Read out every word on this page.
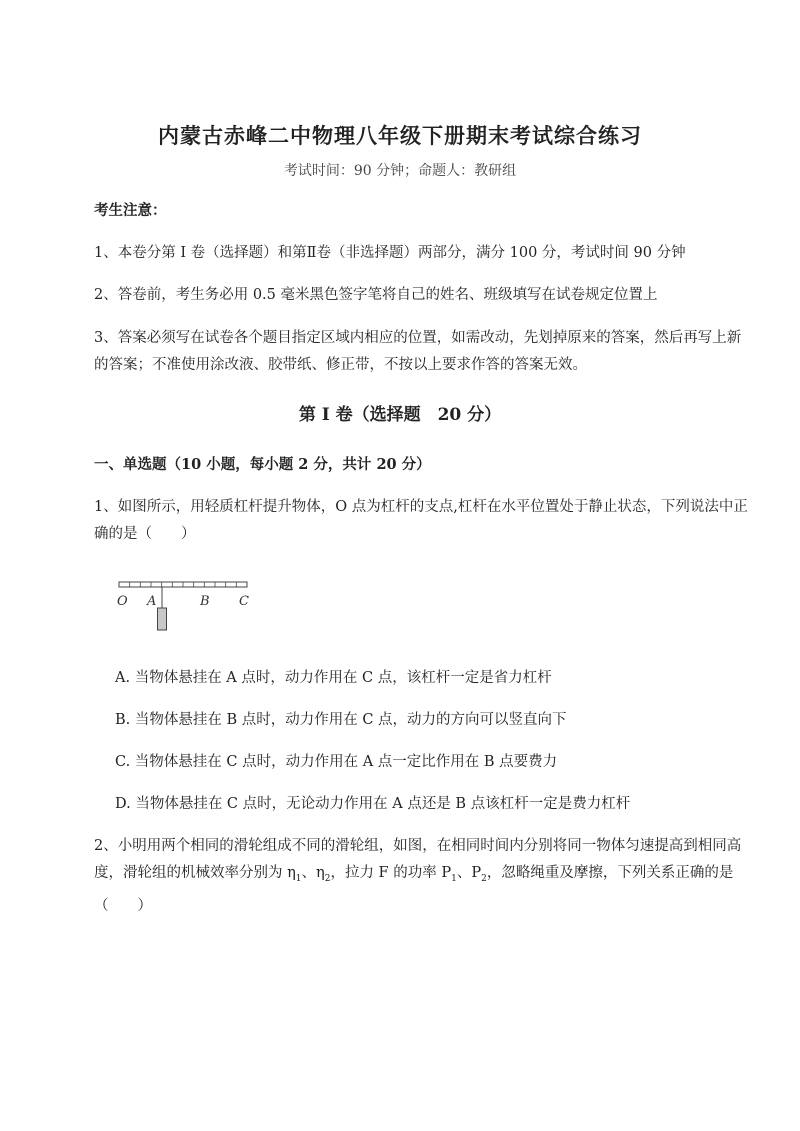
内蒙古赤峰二中物理八年级下册期末考试综合练习
考试时间：90 分钟；命题人：教研组
考生注意：
1、本卷分第 I 卷（选择题）和第Ⅱ卷（非选择题）两部分，满分 100 分，考试时间 90 分钟
2、答卷前，考生务必用 0.5 毫米黑色签字笔将自己的姓名、班级填写在试卷规定位置上
3、答案必须写在试卷各个题目指定区域内相应的位置，如需改动，先划掉原来的答案，然后再写上新的答案；不准使用涂改液、胶带纸、修正带，不按以上要求作答的答案无效。
第 I 卷（选择题　20 分）
一、单选题（10 小题，每小题 2 分，共计 20 分）
1、如图所示，用轻质杠杆提升物体，O 点为杠杆的支点,杠杆在水平位置处于静止状态，下列说法中正确的是（　　）
O A	B C
A. 当物体悬挂在 A 点时，动力作用在 C 点，该杠杆一定是省力杠杆
B. 当物体悬挂在 B 点时，动力作用在 C 点，动力的方向可以竖直向下
C. 当物体悬挂在 C 点时，动力作用在 A 点一定比作用在 B 点要费力
D. 当物体悬挂在 C 点时，无论动力作用在 A 点还是 B 点该杠杆一定是费力杠杆
2、小明用两个相同的滑轮组成不同的滑轮组，如图，在相同时间内分别将同一物体匀速提高到相同高度，滑轮组的机械效率分别为 $\eta_1$、$\eta_2$，拉力 F 的功率 $P_1$、$P_2$，忽略绳重及摩擦，下列关系正确的是（　　）
